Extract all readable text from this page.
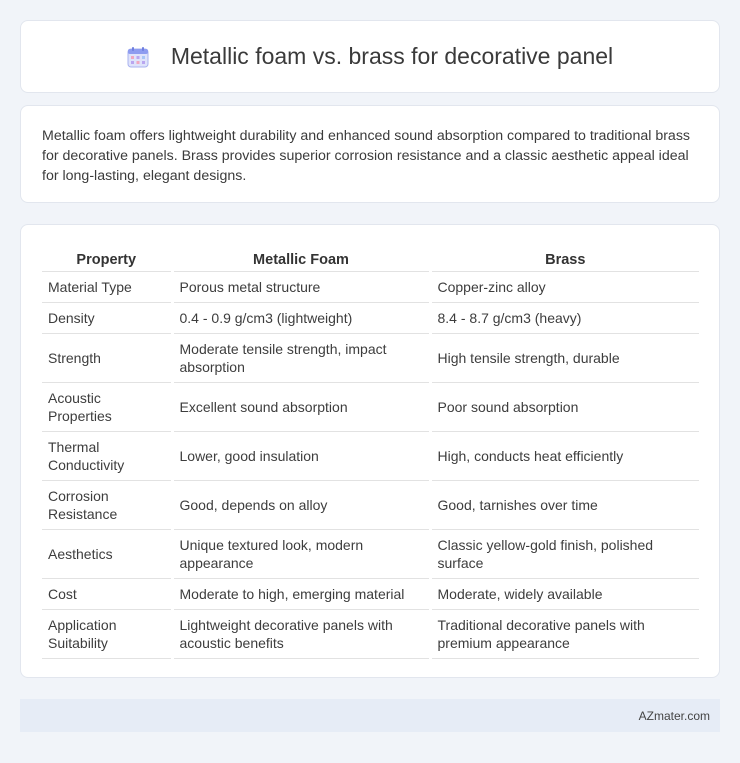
Metallic foam vs. brass for decorative panel

Metallic foam offers lightweight durability and enhanced sound absorption compared to traditional brass for decorative panels. Brass provides superior corrosion resistance and a classic aesthetic appeal ideal for long-lasting, elegant designs.

Property	Metallic Foam	Brass
Material Type	Porous metal structure	Copper-zinc alloy
Density	0.4 - 0.9 g/cm3 (lightweight)	8.4 - 8.7 g/cm3 (heavy)
Strength	Moderate tensile strength, impact absorption	High tensile strength, durable
Acoustic Properties	Excellent sound absorption	Poor sound absorption
Thermal Conductivity	Lower, good insulation	High, conducts heat efficiently
Corrosion Resistance	Good, depends on alloy	Good, tarnishes over time
Aesthetics	Unique textured look, modern appearance	Classic yellow-gold finish, polished surface
Cost	Moderate to high, emerging material	Moderate, widely available
Application Suitability	Lightweight decorative panels with acoustic benefits	Traditional decorative panels with premium appearance
AZmater.com
